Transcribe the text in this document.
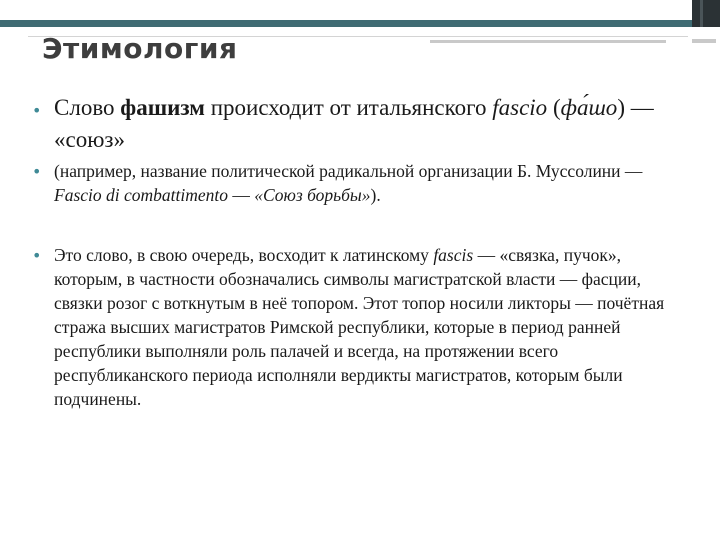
Этимология
• Слово фашизм происходит от итальянского fascio (фа́шо) — «союз»
• (например, название политической радикальной организации Б. Муссолини — Fascio di combattimento — «Союз борьбы»).
• Это слово, в свою очередь, восходит к латинскому fascis — «связка, пучок», которым, в частности обозначались символы магистратской власти — фасции, связки розог с воткнутым в неё топором. Этот топор носили ликторы — почётная стража высших магистратов Римской республики, которые в период ранней республики выполняли роль палачей и всегда, на протяжении всего республиканского периода исполняли вердикты магистратов, которым были подчинены.
